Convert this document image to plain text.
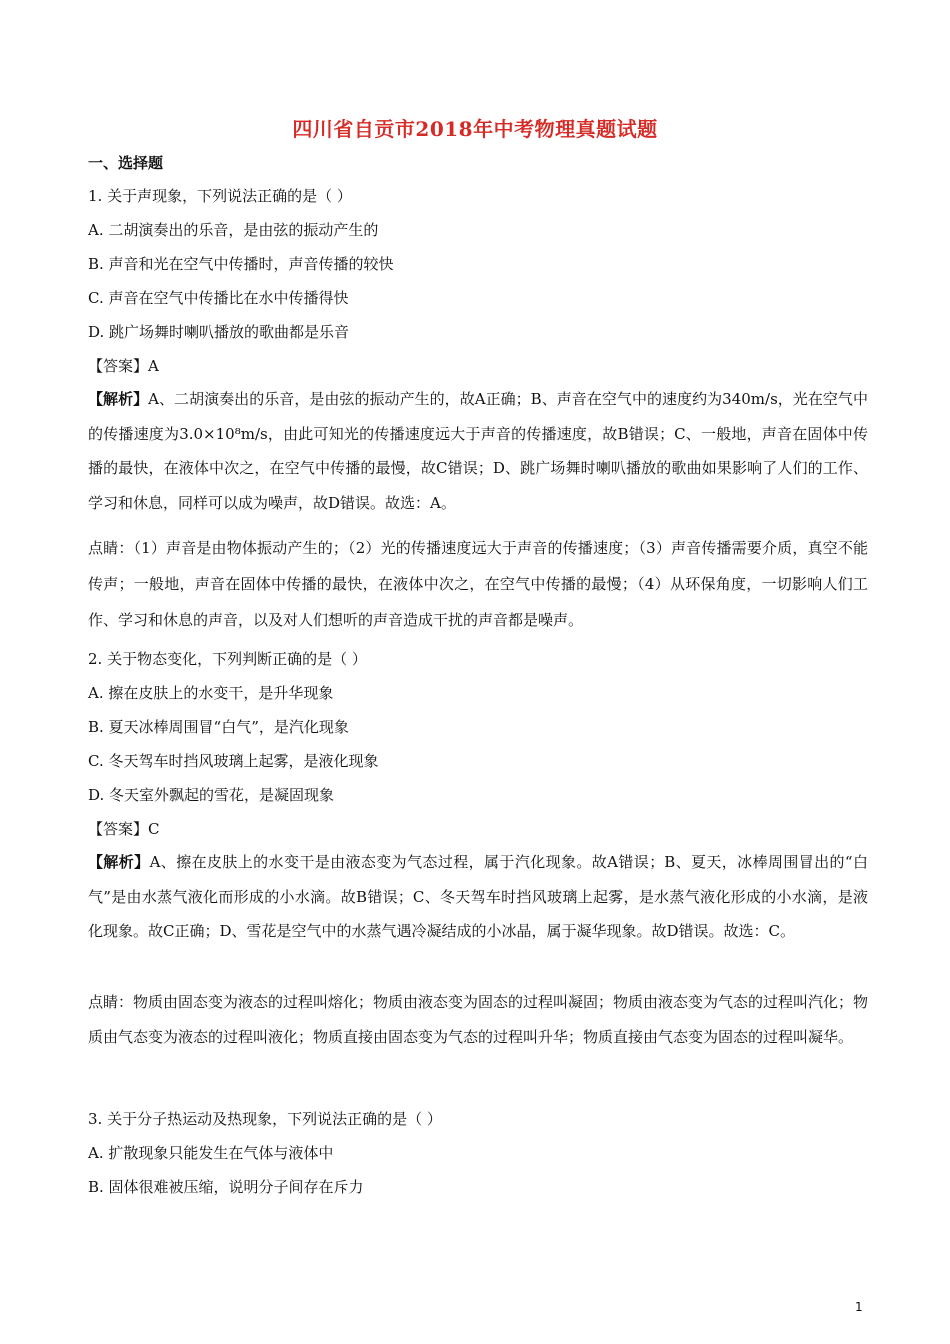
四川省自贡市2018年中考物理真题试题
一、选择题
1. 关于声现象，下列说法正确的是（ ）
A. 二胡演奏出的乐音，是由弦的振动产生的
B. 声音和光在空气中传播时，声音传播的较快
C. 声音在空气中传播比在水中传播得快
D. 跳广场舞时喇叭播放的歌曲都是乐音
【答案】A
【解析】A、二胡演奏出的乐音，是由弦的振动产生的，故A正确；B、声音在空气中的速度约为340m/s，光在空气中的传播速度为3.0×10⁸m/s，由此可知光的传播速度远大于声音的传播速度，故B错误；C、一般地，声音在固体中传播的最快，在液体中次之，在空气中传播的最慢，故C错误；D、跳广场舞时喇叭播放的歌曲如果影响了人们的工作、学习和休息，同样可以成为噪声，故D错误。故选：A。
点睛：（1）声音是由物体振动产生的；（2）光的传播速度远大于声音的传播速度；（3）声音传播需要介质，真空不能传声；一般地，声音在固体中传播的最快，在液体中次之，在空气中传播的最慢；（4）从环保角度，一切影响人们工作、学习和休息的声音，以及对人们想听的声音造成干扰的声音都是噪声。
2. 关于物态变化，下列判断正确的是（ ）
A. 擦在皮肤上的水变干，是升华现象
B. 夏天冰棒周围冒“白气”，是汽化现象
C. 冬天驾车时挡风玻璃上起雾，是液化现象
D. 冬天室外飘起的雪花，是凝固现象
【答案】C
【解析】A、擦在皮肤上的水变干是由液态变为气态过程，属于汽化现象。故A错误；B、夏天，冰棒周围冒出的“白气”是由水蒸气液化而形成的小水滴。故B错误；C、冬天驾车时挡风玻璃上起雾，是水蒸气液化形成的小水滴，是液化现象。故C正确；D、雪花是空气中的水蒸气遇冷凝结成的小冰晶，属于凝华现象。故D错误。故选：C。
点睛：物质由固态变为液态的过程叫熔化；物质由液态变为固态的过程叫凝固；物质由液态变为气态的过程叫汽化；物质由气态变为液态的过程叫液化；物质直接由固态变为气态的过程叫升华；物质直接由气态变为固态的过程叫凝华。
3. 关于分子热运动及热现象，下列说法正确的是（ ）
A. 扩散现象只能发生在气体与液体中
B. 固体很难被压缩，说明分子间存在斥力
1
